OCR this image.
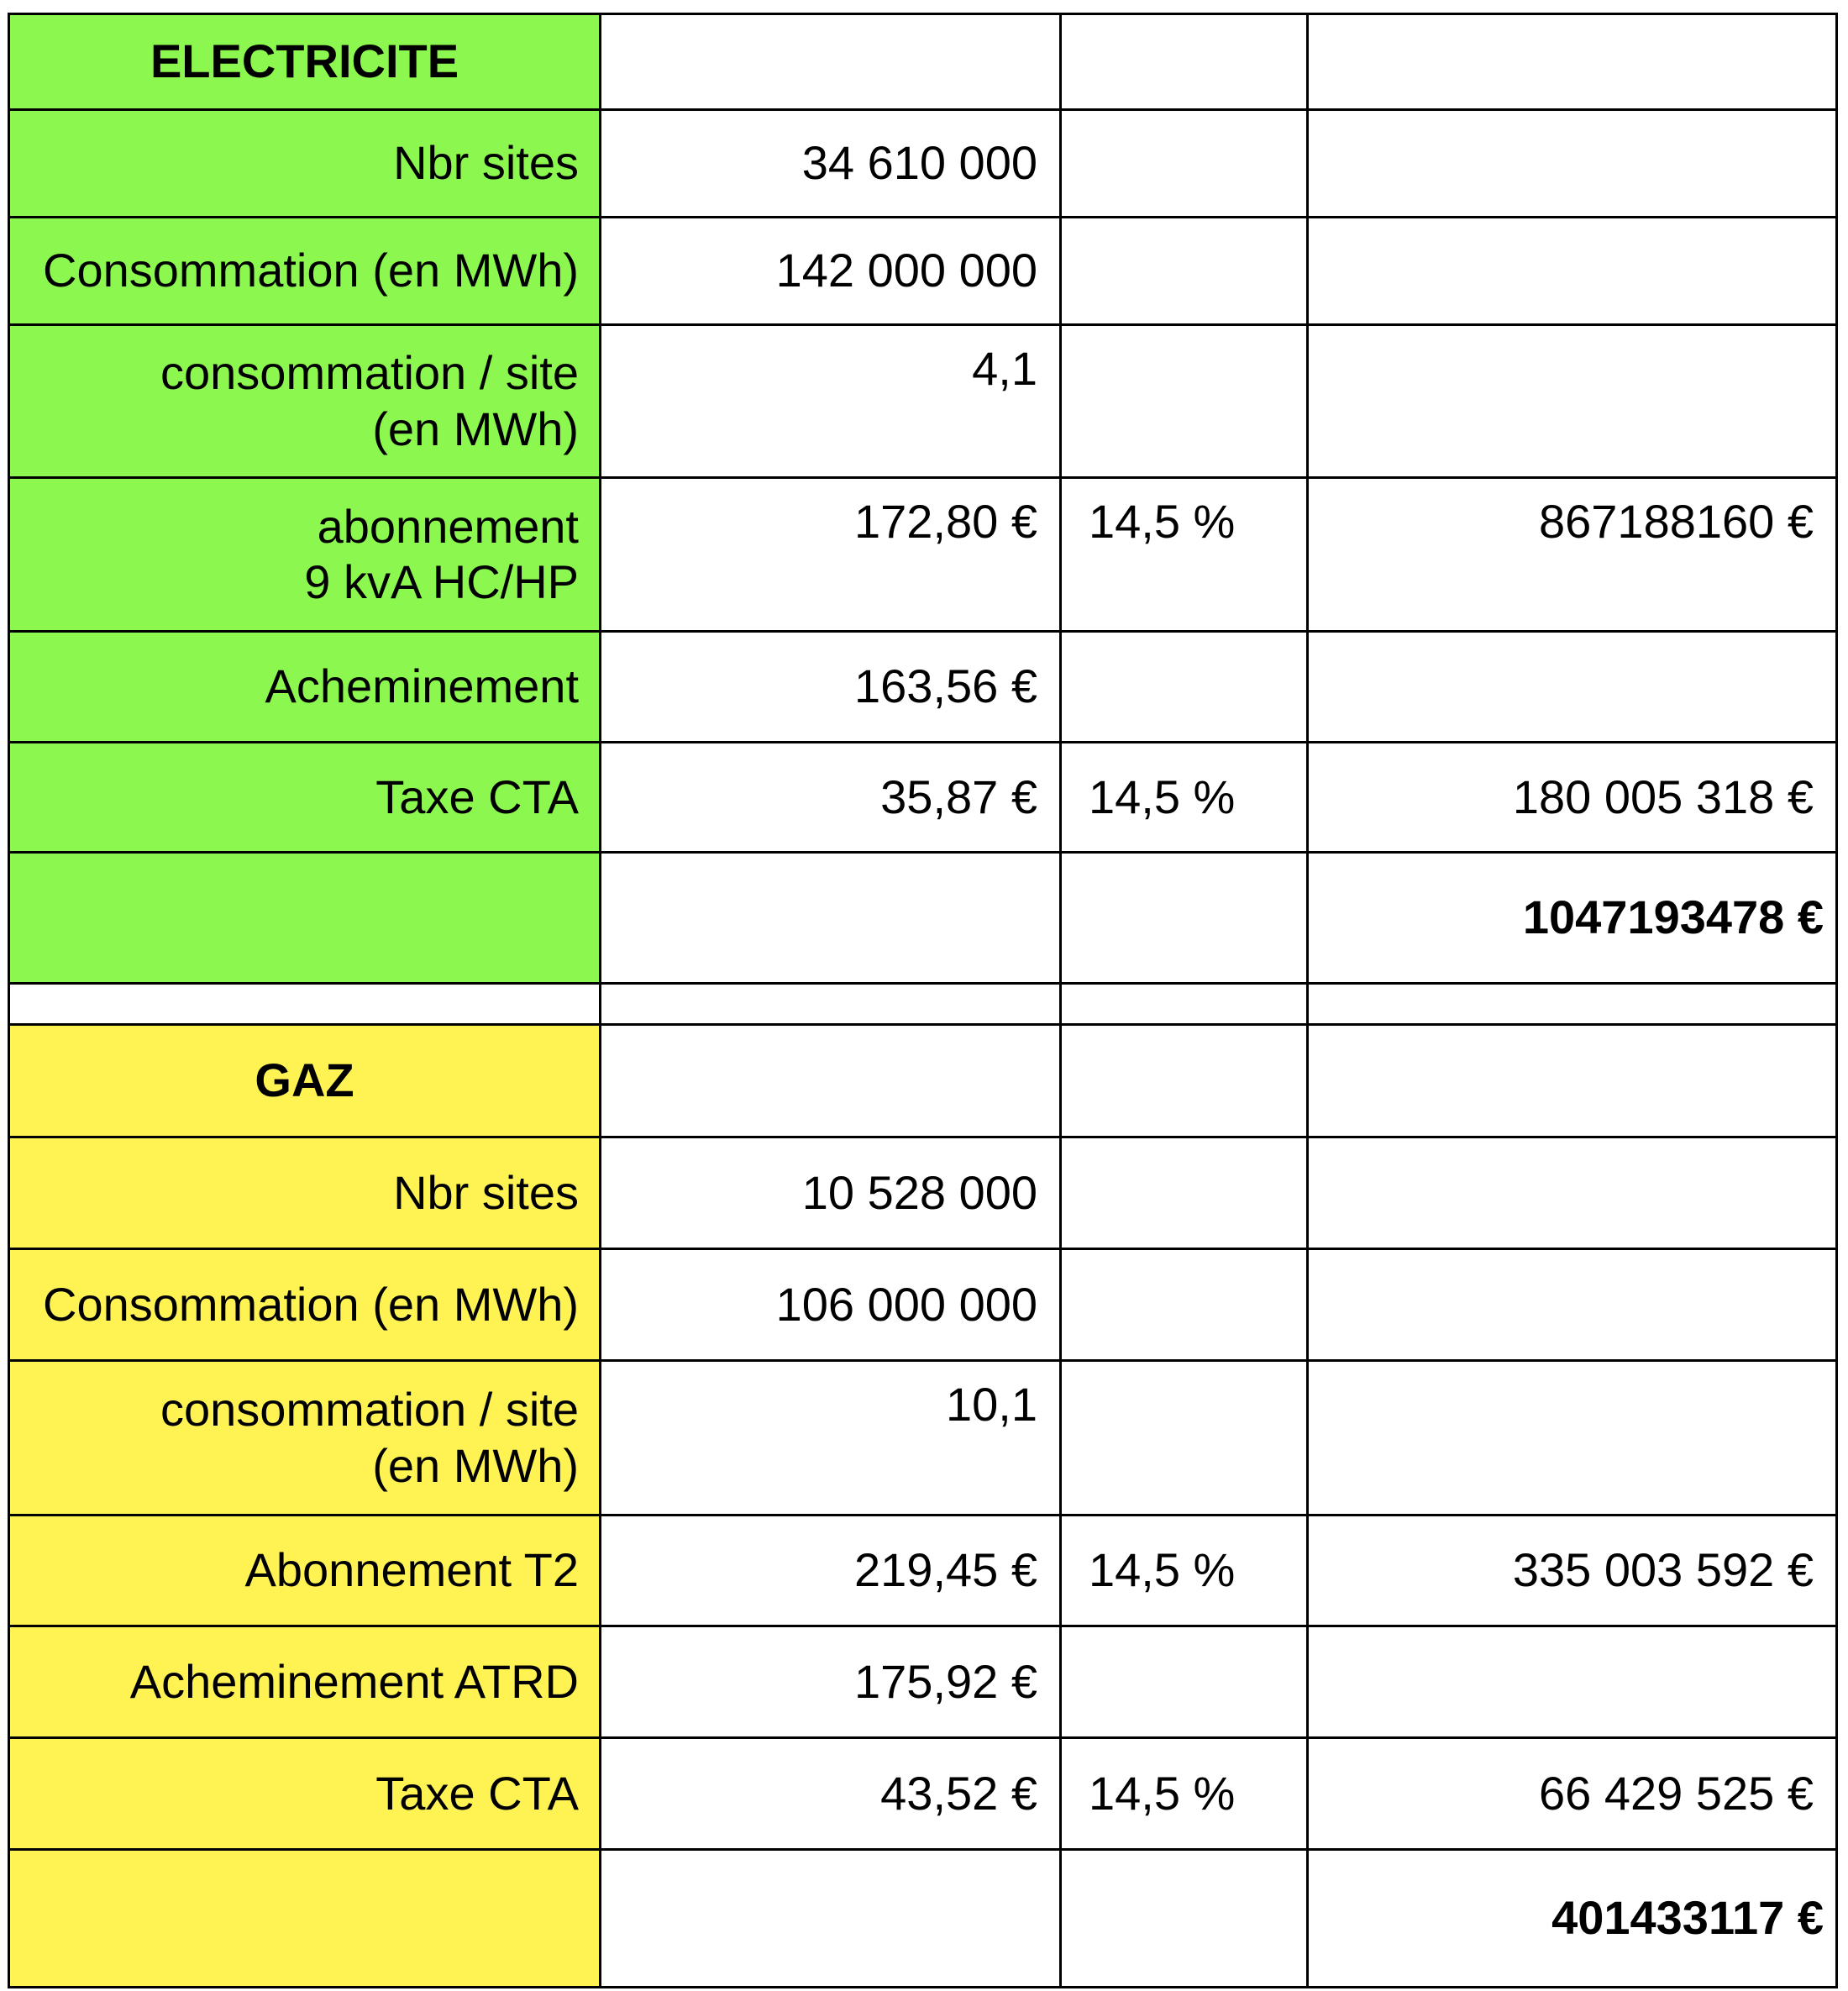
ELECTRICITE			
Nbr sites	34 610 000		
Consommation (en MWh)	142 000 000		

consommation / site
(en MWh)	4,1		

abonnement
9 kvA HC/HP	172,80 €	14,5 %	867188160 €
Acheminement	163,56 €		
Taxe CTA	35,87 €	14,5 %	180 005 318 €
			1047193478 €

GAZ			
Nbr sites	10 528 000		
Consommation (en MWh)	106 000 000		

consommation / site
(en MWh)	10,1		
Abonnement T2	219,45 €	14,5 %	335 003 592 €
Acheminement ATRD	175,92 €		
Taxe CTA	43,52 €	14,5 %	66 429 525 €
			401433117 €
